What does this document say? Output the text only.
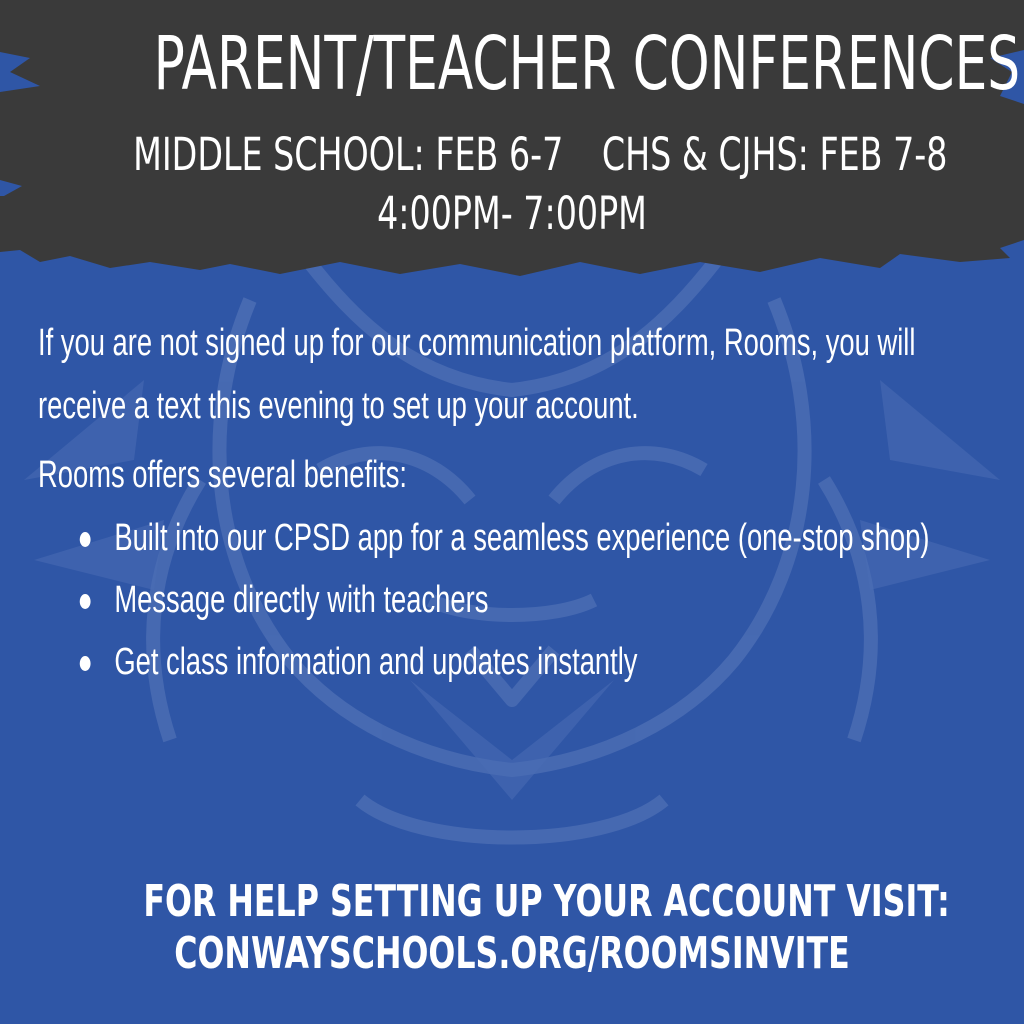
PARENT/TEACHER CONFERENCES
MIDDLE SCHOOL: FEB 6-7 CHS & CJHS: FEB 7-8
4:00PM- 7:00PM

If you are not signed up for our communication platform, Rooms, you will receive a text this evening to set up your account.

Rooms offers several benefits:

Built into our CPSD app for a seamless experience (one-stop shop)
Message directly with teachers
Get class information and updates instantly
FOR HELP SETTING UP YOUR ACCOUNT VISIT:
CONWAYSCHOOLS.ORG/ROOMSINVITE
